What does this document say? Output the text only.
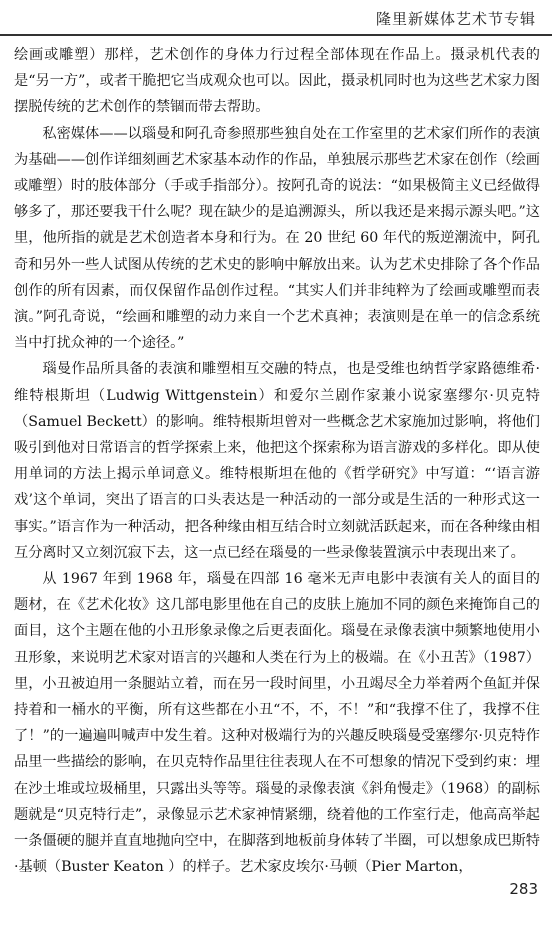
隆里新媒体艺术节专辑

绘画或雕塑）那样，艺术创作的身体力行过程全部体现在作品上。摄录机代表的是“另一方”，或者干脆把它当成观众也可以。因此，摄录机同时也为这些艺术家力图摆脱传统的艺术创作的禁锢而带去帮助。

私密媒体——以瑙曼和阿孔奇参照那些独自处在工作室里的艺术家们所作的表演为基础——创作详细刻画艺术家基本动作的作品，单独展示那些艺术家在创作（绘画或雕塑）时的肢体部分（手或手指部分）。按阿孔奇的说法：“如果极简主义已经做得够多了，那还要我干什么呢？现在缺少的是追溯源头，所以我还是来揭示源头吧。”这里，他所指的就是艺术创造者本身和行为。在 20 世纪 60 年代的叛逆潮流中，阿孔奇和另外一些人试图从传统的艺术史的影响中解放出来。认为艺术史排除了各个作品创作的所有因素，而仅保留作品创作过程。“其实人们并非纯粹为了绘画或雕塑而表演。”阿孔奇说，“绘画和雕塑的动力来自一个艺术真神；表演则是在单一的信念系统当中打扰众神的一个途径。”

瑙曼作品所具备的表演和雕塑相互交融的特点，也是受维也纳哲学家路德维希·维特根斯坦（Ludwig Wittgenstein）和爱尔兰剧作家兼小说家塞缪尔·贝克特（Samuel Beckett）的影响。维特根斯坦曾对一些概念艺术家施加过影响，将他们吸引到他对日常语言的哲学探索上来，他把这个探索称为语言游戏的多样化。即从使用单词的方法上揭示单词意义。维特根斯坦在他的《哲学研究》中写道：“‘语言游戏’这个单词，突出了语言的口头表达是一种活动的一部分或是生活的一种形式这一事实。”语言作为一种活动，把各种缘由相互结合时立刻就活跃起来，而在各种缘由相互分离时又立刻沉寂下去，这一点已经在瑙曼的一些录像装置演示中表现出来了。

从 1967 年到 1968 年，瑙曼在四部 16 毫米无声电影中表演有关人的面目的题材，在《艺术化妆》这几部电影里他在自己的皮肤上施加不同的颜色来掩饰自己的面目，这个主题在他的小丑形象录像之后更表面化。瑙曼在录像表演中频繁地使用小丑形象，来说明艺术家对语言的兴趣和人类在行为上的极端。在《小丑苦》（1987）里，小丑被迫用一条腿站立着，而在另一段时间里，小丑竭尽全力举着两个鱼缸并保持着和一桶水的平衡，所有这些都在小丑“不，不，不！”和“我撑不住了，我撑不住了！”的一遍遍叫喊声中发生着。这种对极端行为的兴趣反映瑙曼受塞缪尔·贝克特作品里一些描绘的影响，在贝克特作品里往往表现人在不可想象的情况下受到约束：埋在沙土堆或垃圾桶里，只露出头等等。瑙曼的录像表演《斜角慢走》（1968）的副标题就是“贝克特行走”，录像显示艺术家神情紧绷，绕着他的工作室行走，他高高举起一条僵硬的腿并直直地抛向空中，在脚落到地板前身体转了半圈，可以想象成巴斯特·基顿（Buster Keaton ）的样子。艺术家皮埃尔·马顿（Pier Marton，

283
